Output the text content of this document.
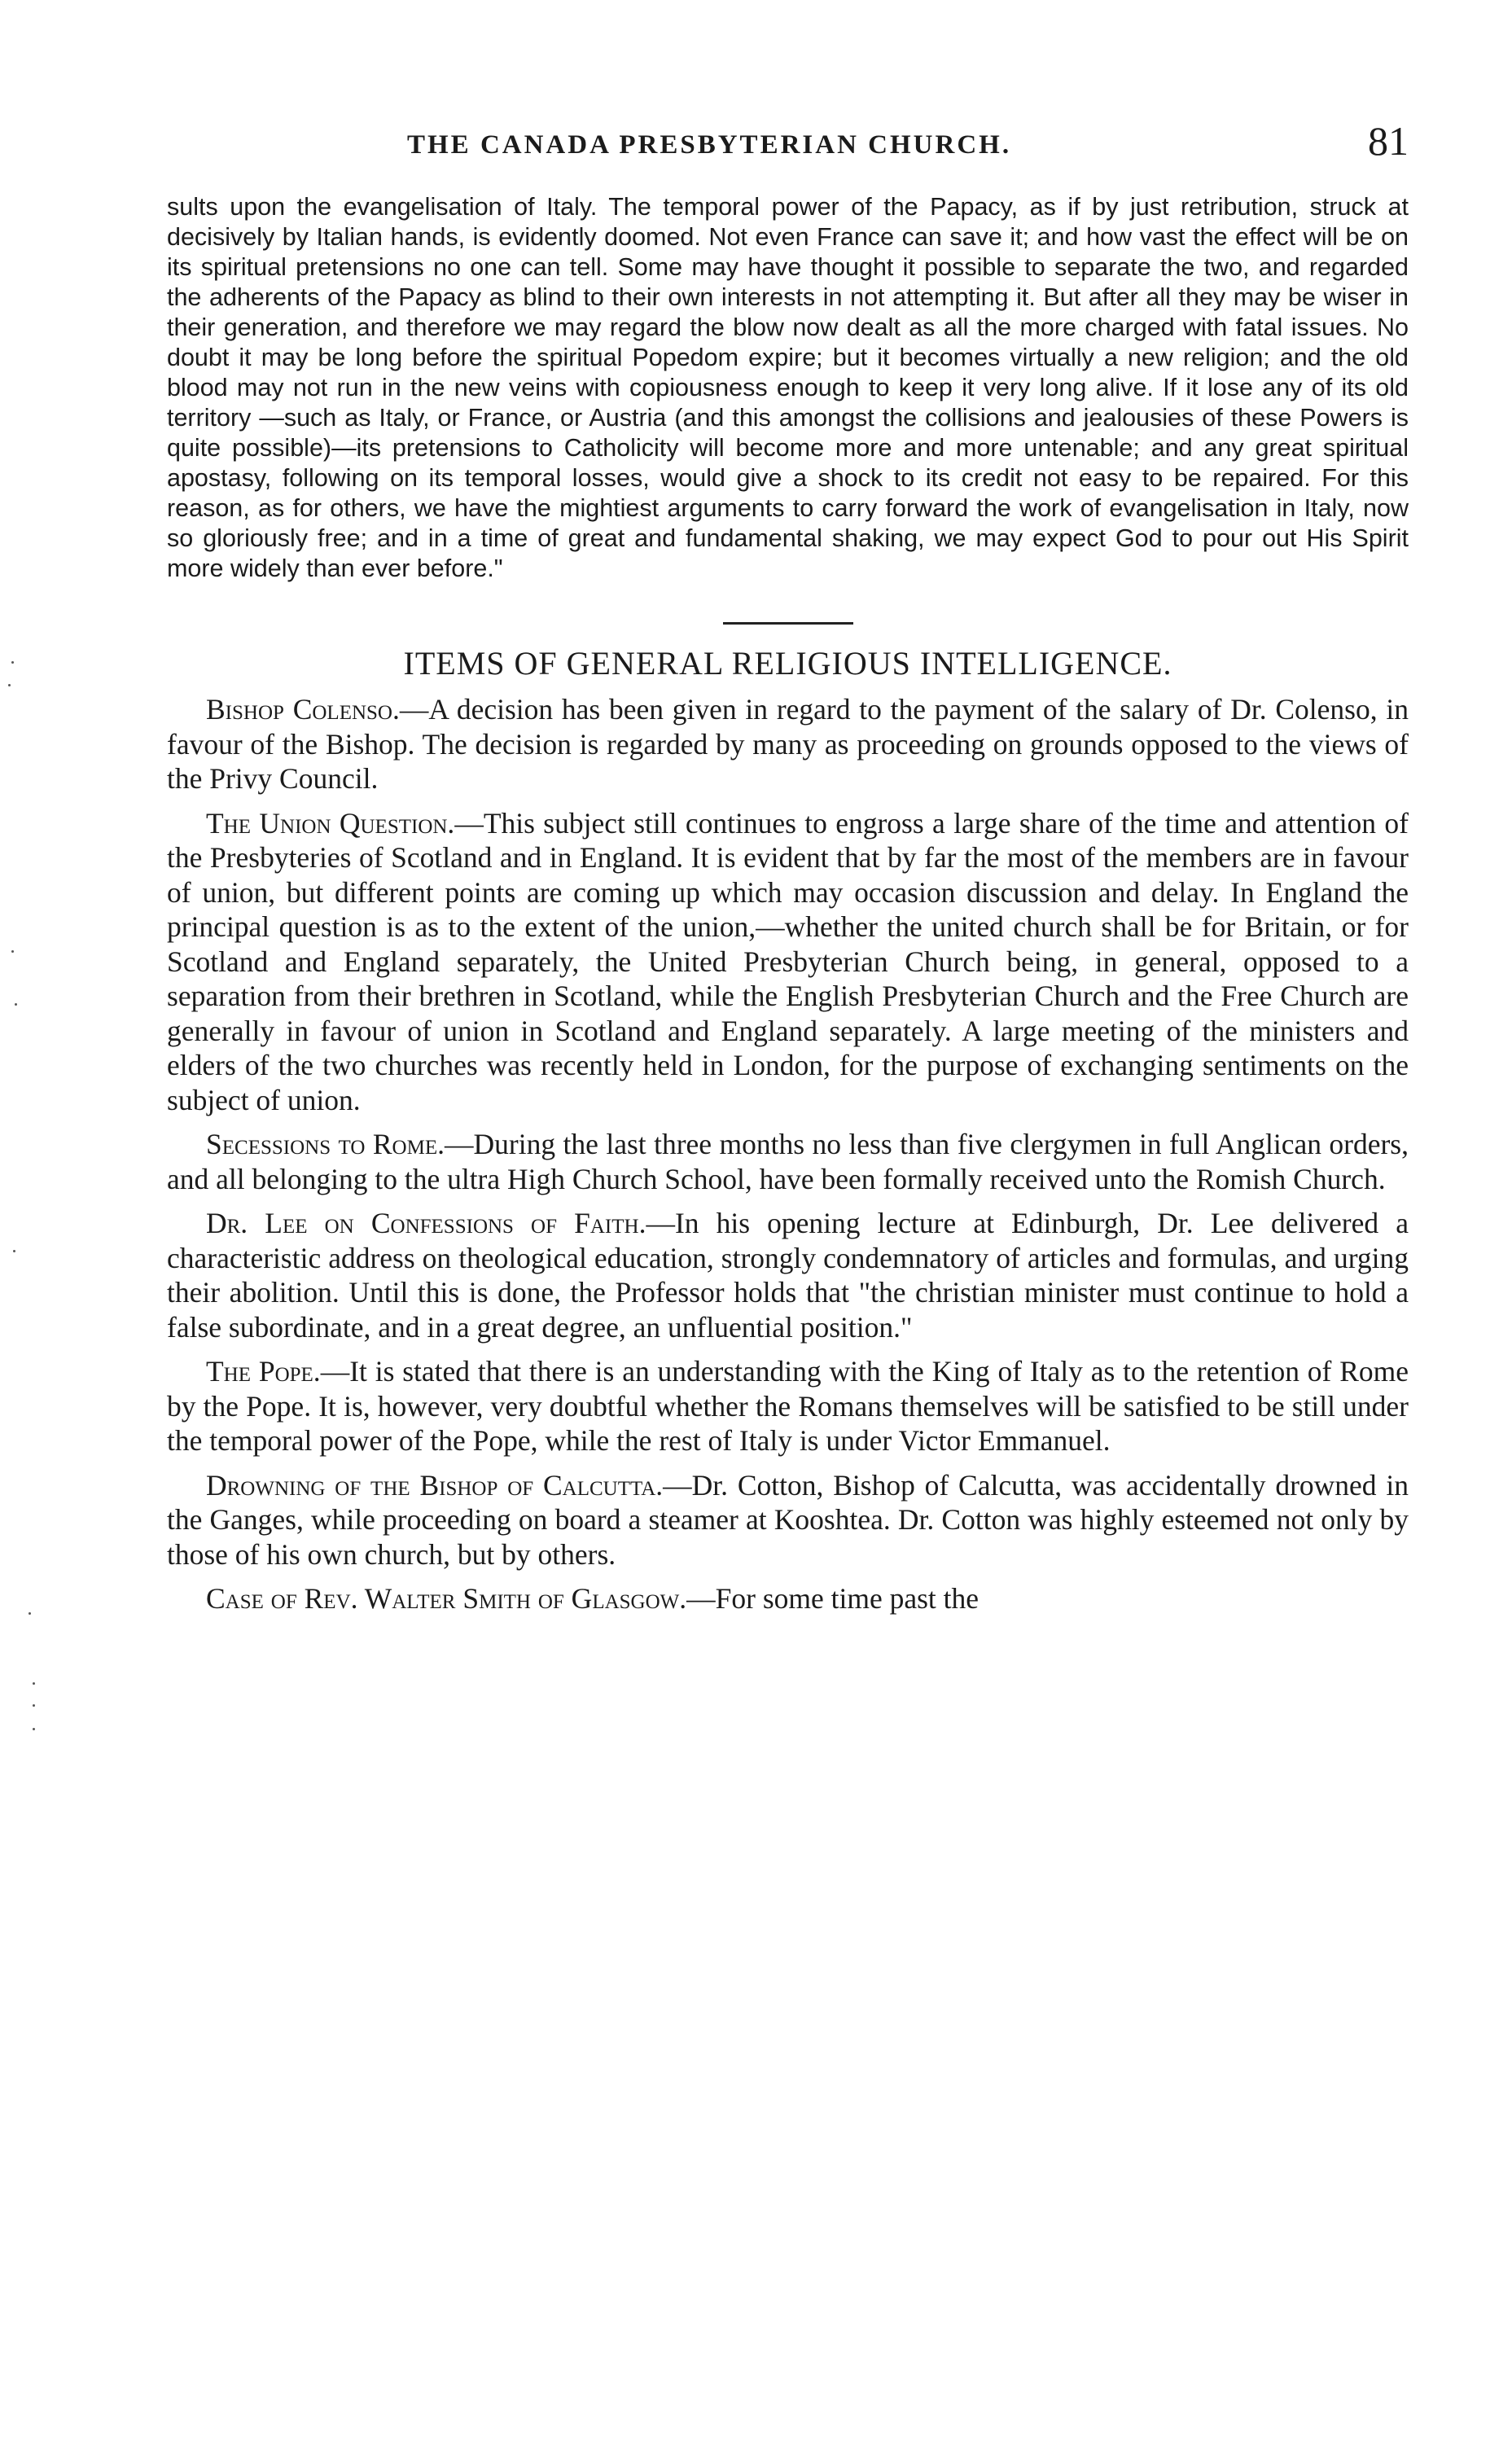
THE CANADA PRESBYTERIAN CHURCH.	81

sults upon the evangelisation of Italy. The temporal power of the Papacy, as if by just retribution, struck at decisively by Italian hands, is evidently doomed. Not even France can save it; and how vast the effect will be on its spiritual pretensions no one can tell. Some may have thought it possible to separate the two, and regarded the adherents of the Papacy as blind to their own interests in not attempting it. But after all they may be wiser in their generation, and therefore we may regard the blow now dealt as all the more charged with fatal issues. No doubt it may be long before the spiritual Popedom expire; but it becomes virtually a new religion; and the old blood may not run in the new veins with copiousness enough to keep it very long alive. If it lose any of its old territory —such as Italy, or France, or Austria (and this amongst the collisions and jealousies of these Powers is quite possible)—its pretensions to Catholicity will become more and more untenable; and any great spiritual apostasy, following on its temporal losses, would give a shock to its credit not easy to be repaired. For this reason, as for others, we have the mightiest arguments to carry forward the work of evangelisation in Italy, now so gloriously free; and in a time of great and fundamental shaking, we may expect God to pour out His Spirit more widely than ever before."

ITEMS OF GENERAL RELIGIOUS INTELLIGENCE.

Bishop Colenso.—A decision has been given in regard to the payment of the salary of Dr. Colenso, in favour of the Bishop. The decision is regarded by many as proceeding on grounds opposed to the views of the Privy Council.

The Union Question.—This subject still continues to engross a large share of the time and attention of the Presbyteries of Scotland and in England. It is evident that by far the most of the members are in favour of union, but different points are coming up which may occasion discussion and delay. In England the principal question is as to the extent of the union,—whether the united church shall be for Britain, or for Scotland and England separately, the United Presbyterian Church being, in general, opposed to a separation from their brethren in Scotland, while the English Presbyterian Church and the Free Church are generally in favour of union in Scotland and England separately. A large meeting of the ministers and elders of the two churches was recently held in London, for the purpose of exchanging sentiments on the subject of union.

Secessions to Rome.—During the last three months no less than five clergymen in full Anglican orders, and all belonging to the ultra High Church School, have been formally received unto the Romish Church.

Dr. Lee on Confessions of Faith.—In his opening lecture at Edinburgh, Dr. Lee delivered a characteristic address on theological education, strongly condemnatory of articles and formulas, and urging their abolition. Until this is done, the Professor holds that "the christian minister must continue to hold a false subordinate, and in a great degree, an unfluential position."

The Pope.—It is stated that there is an understanding with the King of Italy as to the retention of Rome by the Pope. It is, however, very doubtful whether the Romans themselves will be satisfied to be still under the temporal power of the Pope, while the rest of Italy is under Victor Emmanuel.

Drowning of the Bishop of Calcutta.—Dr. Cotton, Bishop of Calcutta, was accidentally drowned in the Ganges, while proceeding on board a steamer at Kooshtea. Dr. Cotton was highly esteemed not only by those of his own church, but by others.

Case of Rev. Walter Smith of Glasgow.—For some time past the
